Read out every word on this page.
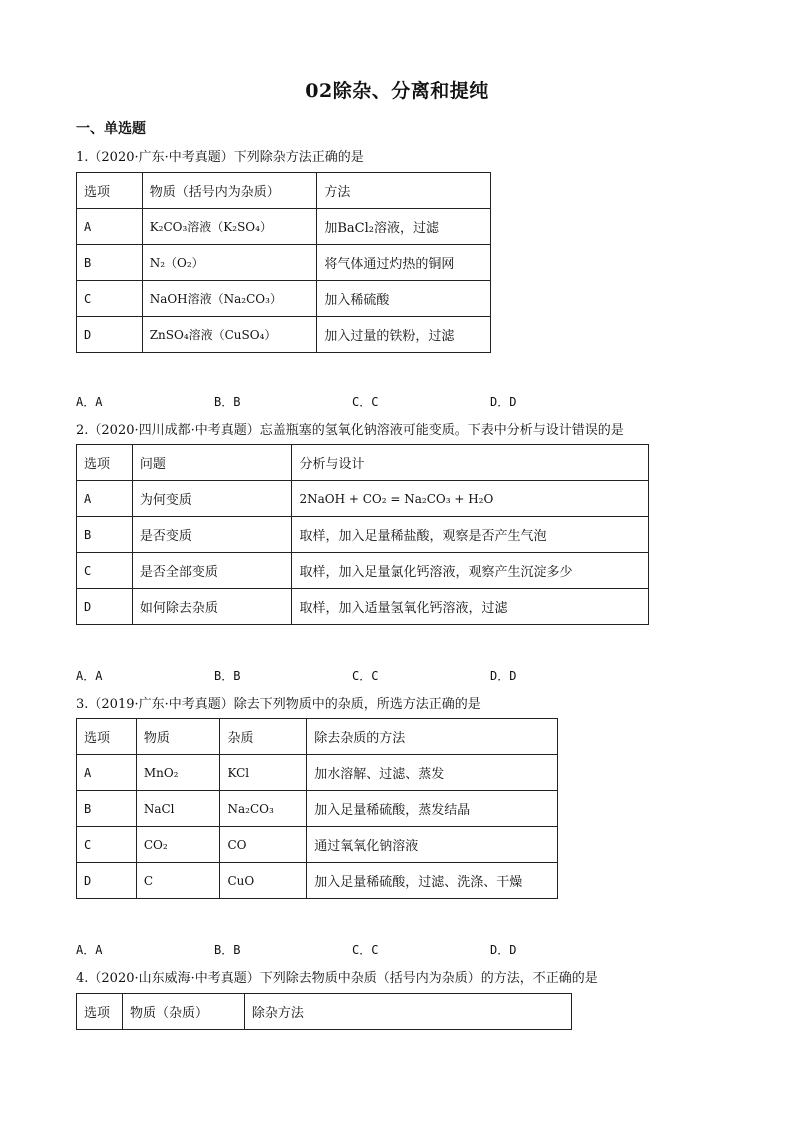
02除杂、分离和提纯
一、单选题
1.（2020·广东·中考真题）下列除杂方法正确的是
选项	物质（括号内为杂质）	方法
A	K₂CO₃溶液（K₂SO₄）	加BaCl₂溶液，过滤
B	N₂（O₂）	将气体通过灼热的铜网
C	NaOH溶液（Na₂CO₃）	加入稀硫酸
D	ZnSO₄溶液（CuSO₄）	加入过量的铁粉，过滤
A．A	B．B	C．C	D．D
2.（2020·四川成都·中考真题）忘盖瓶塞的氢氧化钠溶液可能变质。下表中分析与设计错误的是
选项	问题	分析与设计
A	为何变质	2NaOH + CO₂ = Na₂CO₃ + H₂O
B	是否变质	取样，加入足量稀盐酸，观察是否产生气泡
C	是否全部变质	取样，加入足量氯化钙溶液，观察产生沉淀多少
D	如何除去杂质	取样，加入适量氢氧化钙溶液，过滤
A．A	B．B	C．C	D．D
3.（2019·广东·中考真题）除去下列物质中的杂质，所选方法正确的是
选项	物质	杂质	除去杂质的方法
A	MnO₂	KCl	加水溶解、过滤、蒸发
B	NaCl	Na₂CO₃	加入足量稀硫酸，蒸发结晶
C	CO₂	CO	通过氧氧化钠溶液
D	C	CuO	加入足量稀硫酸，过滤、洗涤、干燥
A．A	B．B	C．C	D．D
4.（2020·山东威海·中考真题）下列除去物质中杂质（括号内为杂质）的方法，不正确的是
选项	物质（杂质）	除杂方法
